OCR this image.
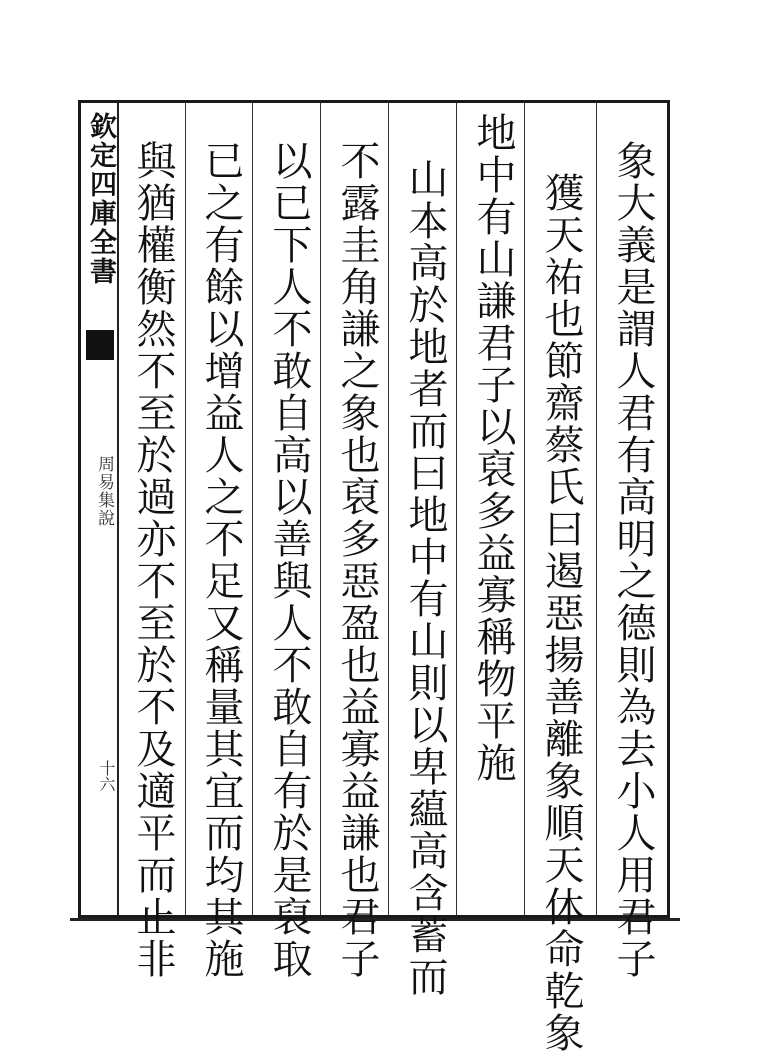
欽定四庫全書
周易集說
十六	象大義是謂人君有高明之德則為去小人用君子
獲天祐也節齋蔡氏曰遏惡揚善離象順天休命乾象
地中有山謙君子以裒多益寡稱物平施
山本高於地者而曰地中有山則以卑藴高含蓄而
不露圭角謙之象也裒多惡盈也益寡益謙也君子
以已下人不敢自高以善與人不敢自有於是裒取
已之有餘以增益人之不足又稱量其宜而均其施
與猶權衡然不至於過亦不至於不及適平而止非
